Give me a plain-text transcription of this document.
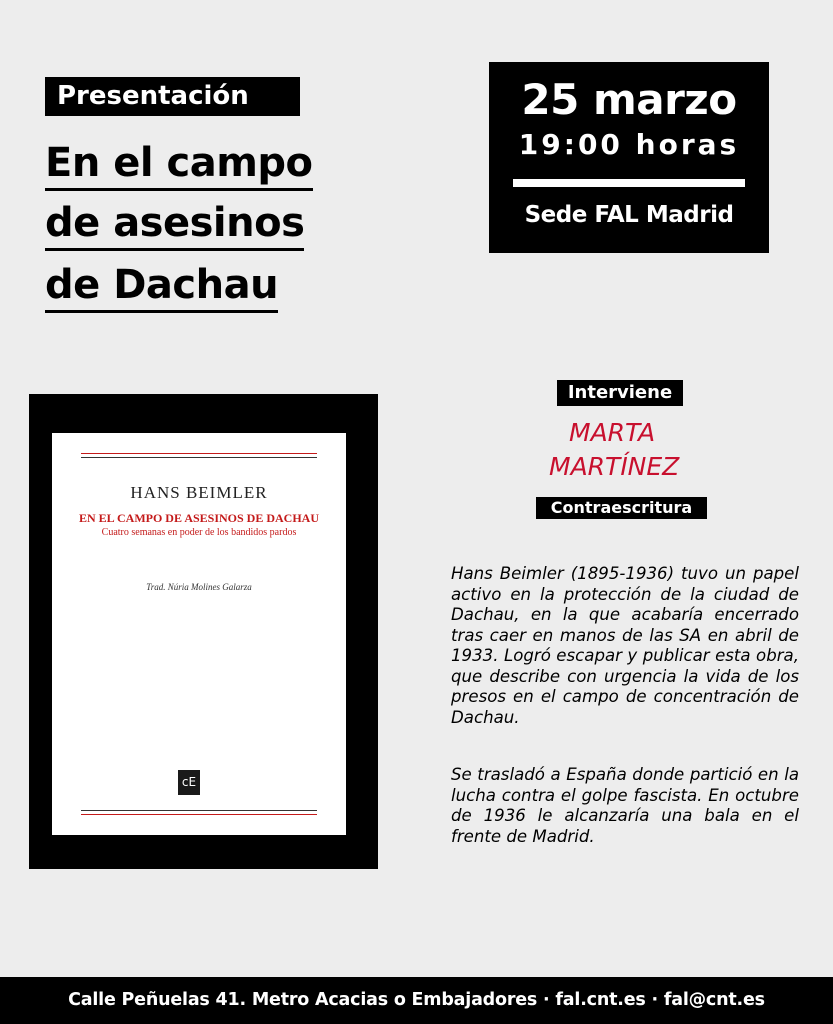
Presentación
En el campo
de asesinos
de Dachau
25 marzo
19:00 horas
Sede FAL Madrid
HANS BEIMLER
EN EL CAMPO DE ASESINOS DE DACHAU
Cuatro semanas en poder de los bandidos pardos
Trad. Núria Molines Galarza
cE
Interviene
MARTA
MARTÍNEZ
Contraescritura

Hans Beimler (1895-1936) tuvo un papel activo en la protección de la ciudad de Dachau, en la que acabaría encerrado tras caer en manos de las SA en abril de 1933. Logró escapar y publicar esta obra, que describe con urgencia la vida de los presos en el campo de concentración de Dachau.

Se trasladó a España donde partició en la lucha contra el golpe fascista. En octubre de 1936 le alcanzaría una bala en el frente de Madrid.

Calle Peñuelas 41. Metro Acacias o Embajadores · fal.cnt.es · fal@cnt.es
